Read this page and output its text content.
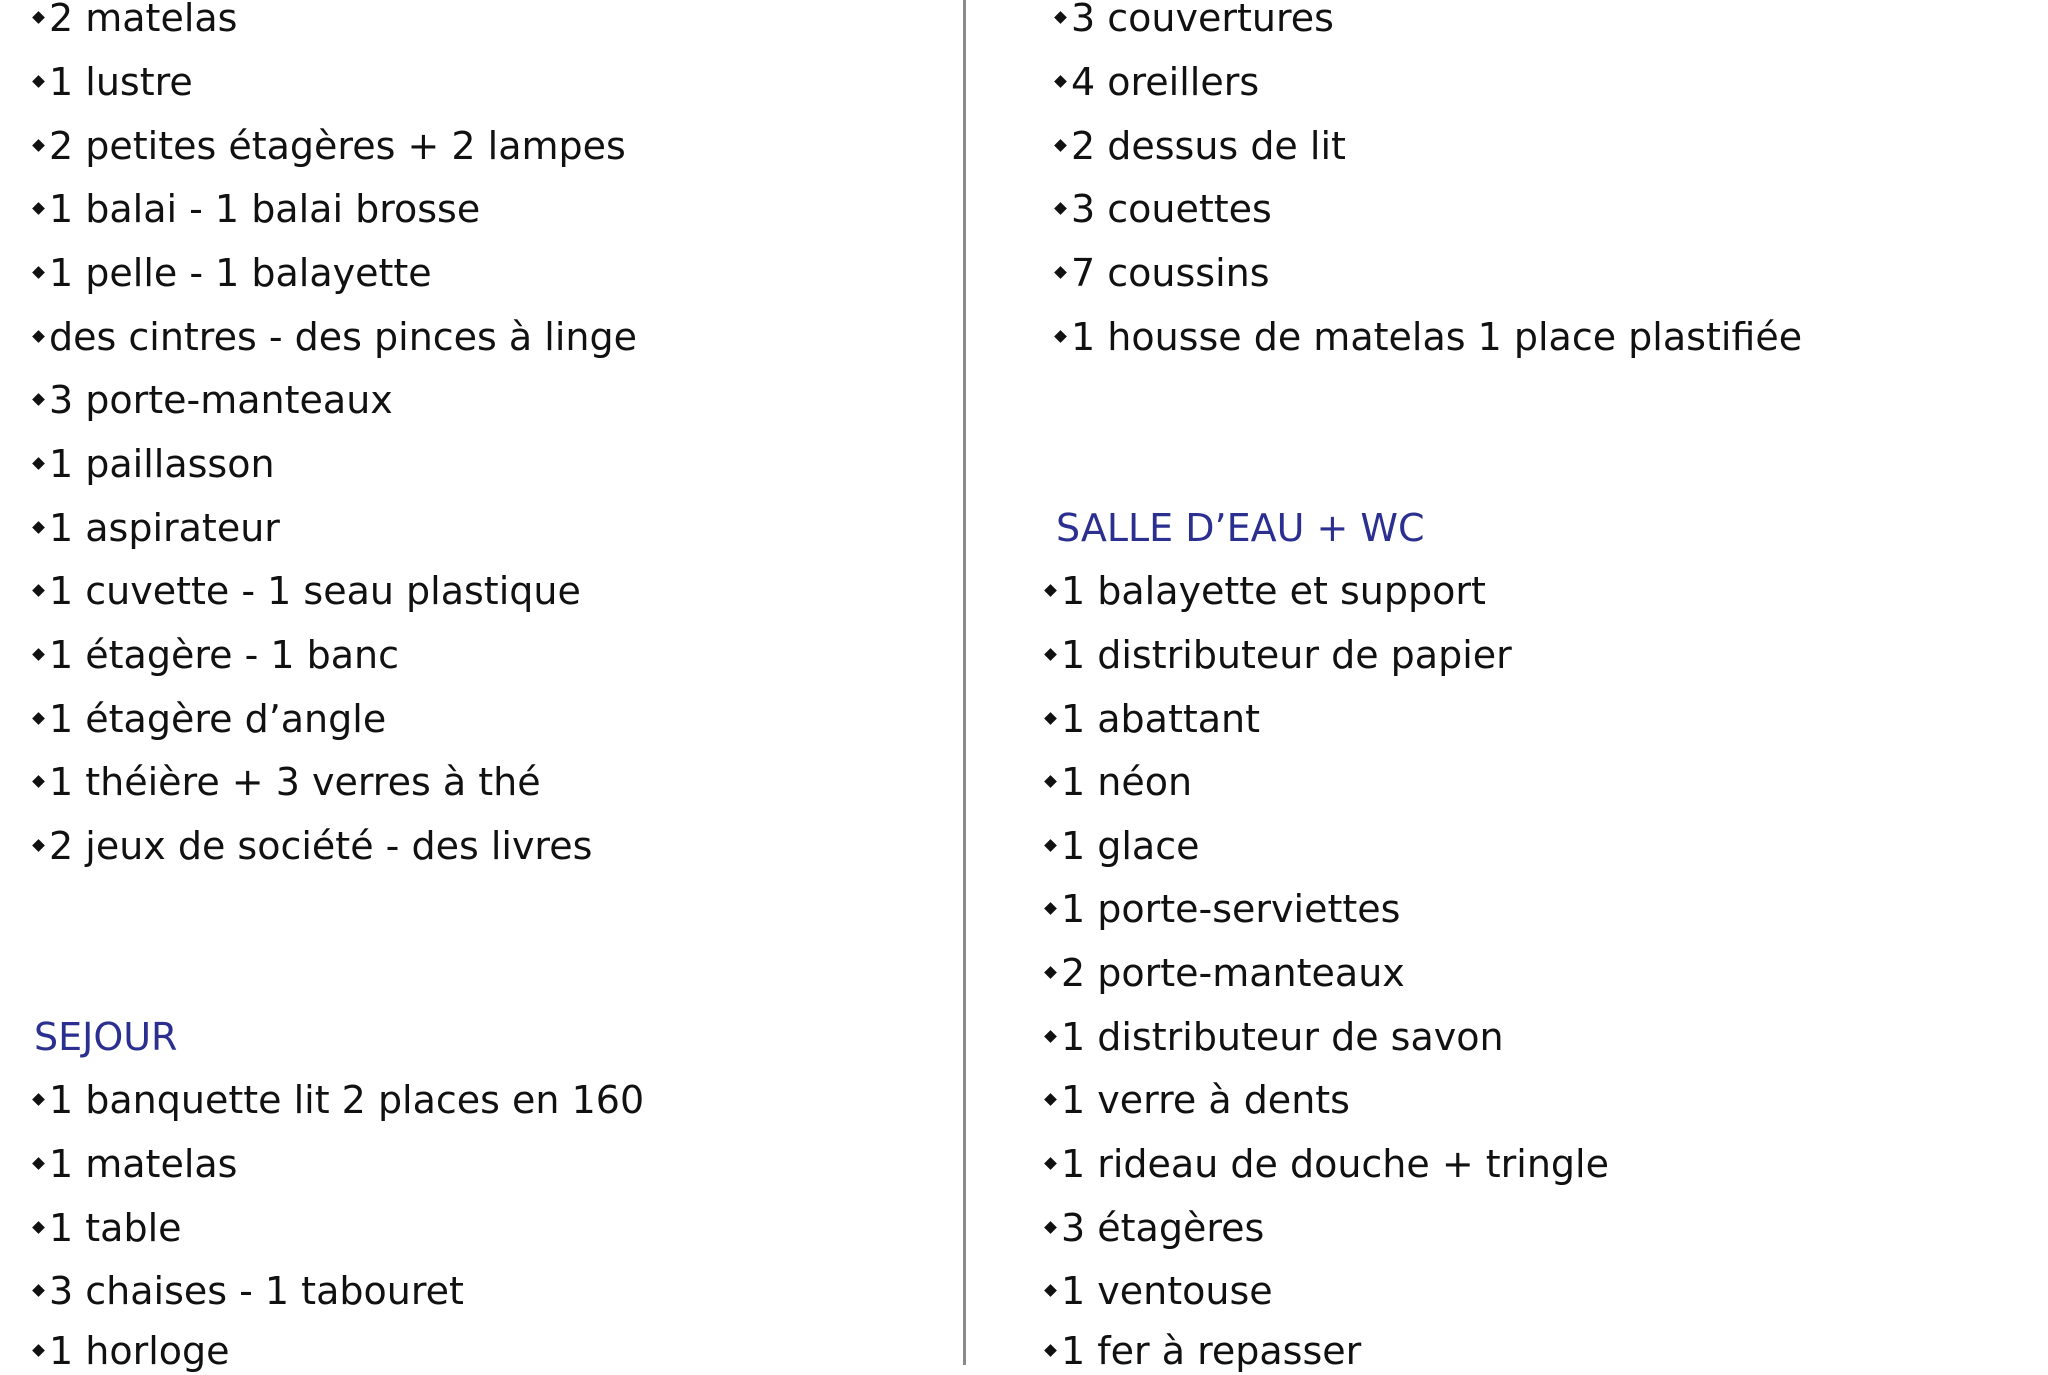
2 matelas
1 lustre
2 petites étagères + 2 lampes
1 balai - 1 balai brosse
1 pelle - 1 balayette
des cintres - des pinces à linge
3 porte-manteaux
1 paillasson
1 aspirateur
1 cuvette - 1 seau plastique
1 étagère - 1 banc
1 étagère d’angle
1 théière + 3 verres à thé
2 jeux de société - des livres
SEJOUR
1 banquette lit 2 places en 160
1 matelas
1 table
3 chaises - 1 tabouret
1 horloge
3 couvertures
4 oreillers
2 dessus de lit
3 couettes
7 coussins
1 housse de matelas 1 place plastifiée
SALLE D’EAU + WC
1 balayette et support
1 distributeur de papier
1 abattant
1 néon
1 glace
1 porte-serviettes
2 porte-manteaux
1 distributeur de savon
1 verre à dents
1 rideau de douche + tringle
3 étagères
1 ventouse
1 fer à repasser
